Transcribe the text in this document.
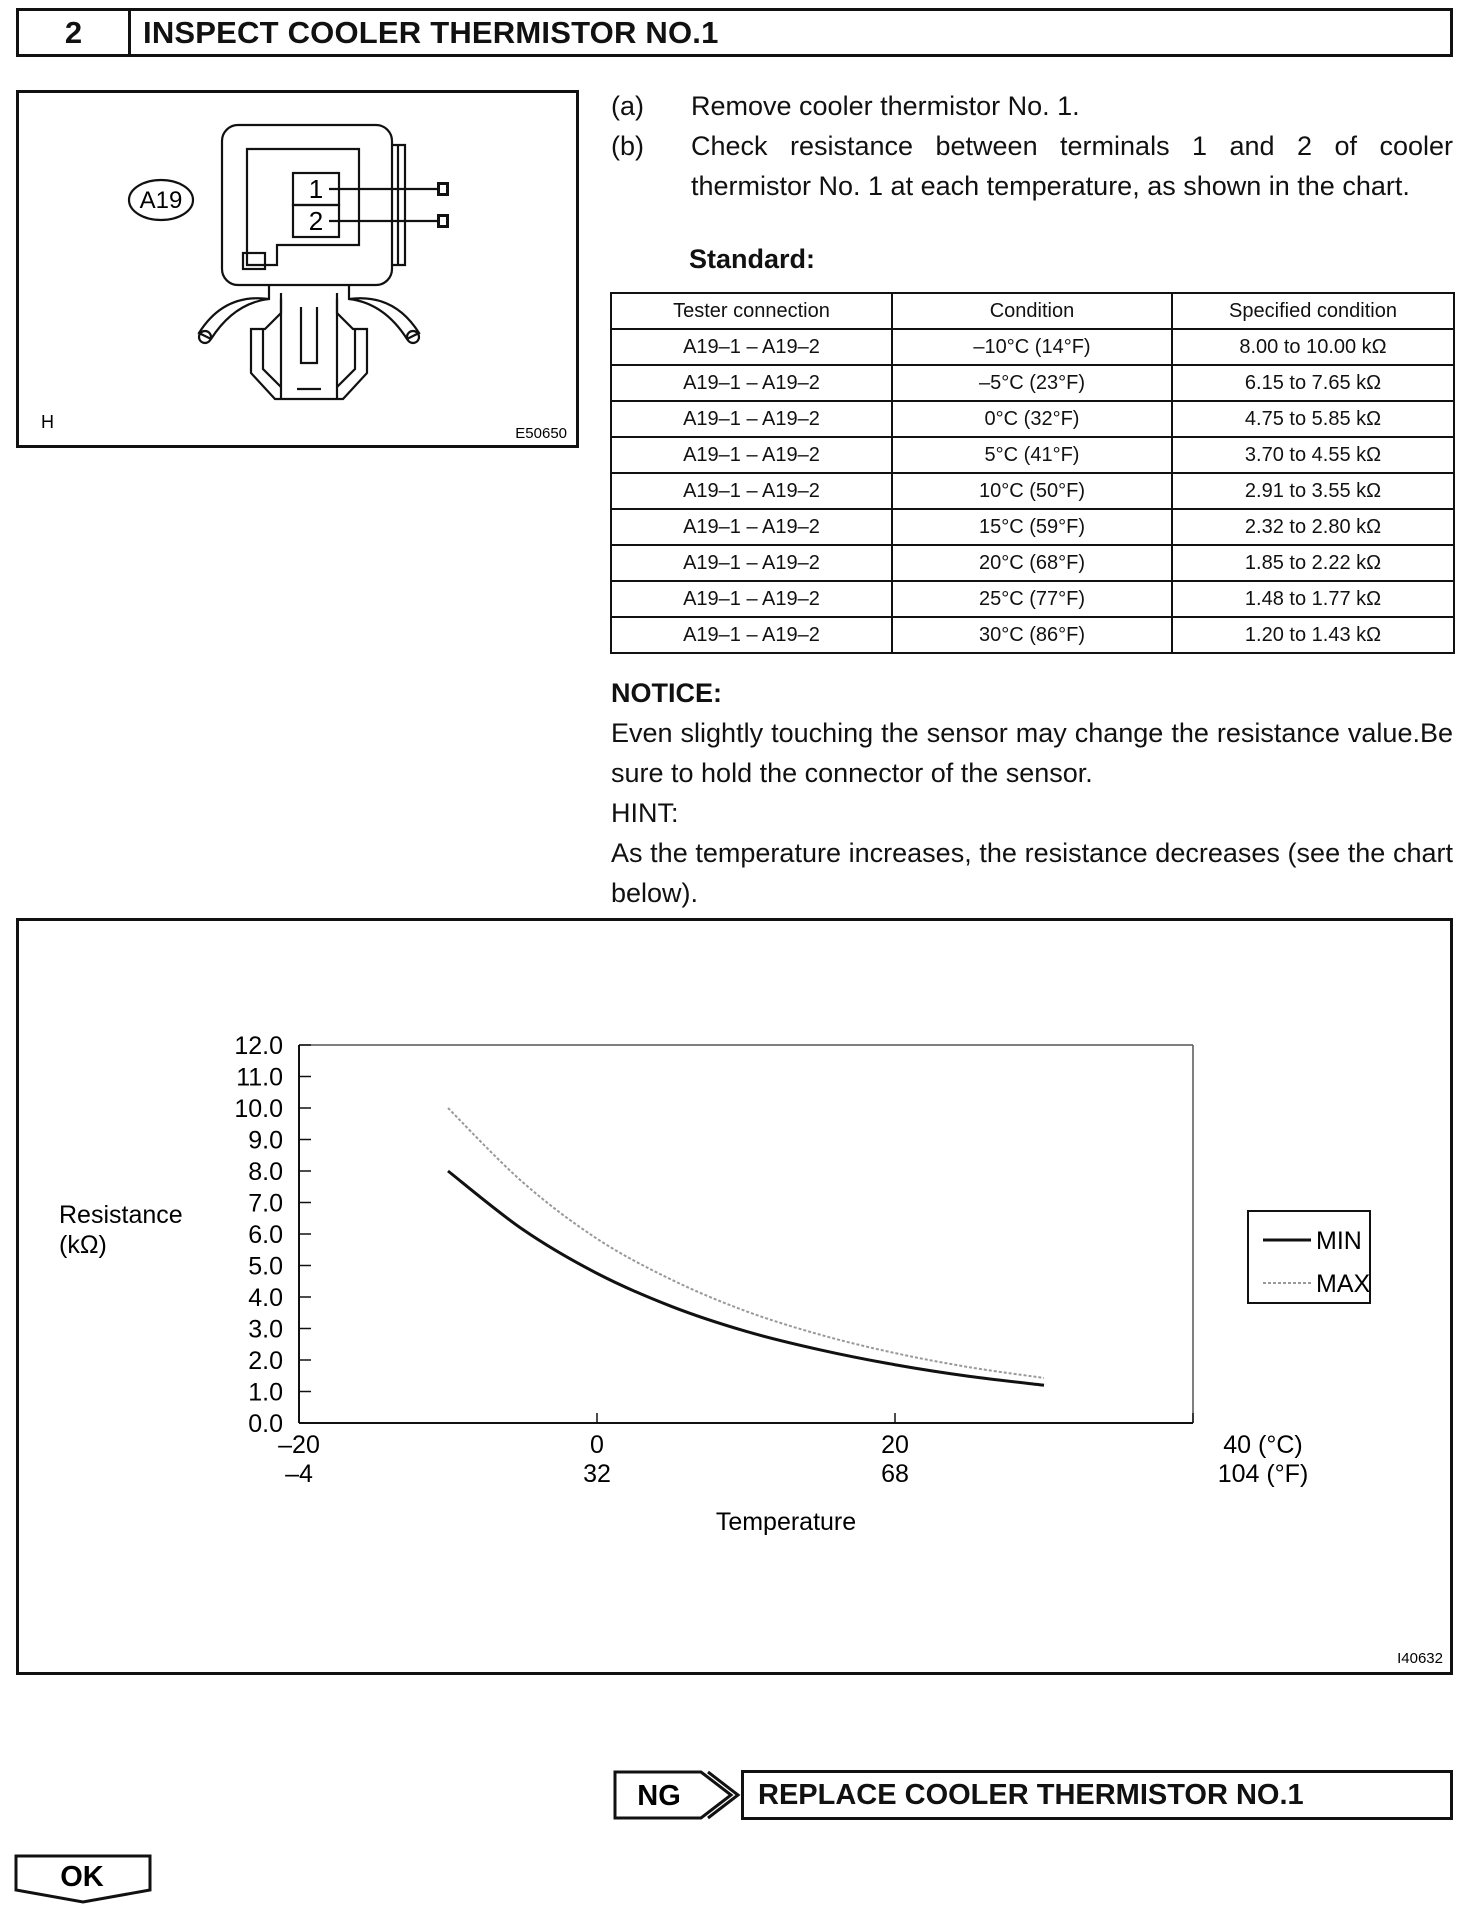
2	INSPECT COOLER THERMISTOR NO.1
A19	1
2
H
E50650
(a) Remove cooler thermistor No. 1.
(b) Check resistance between terminals 1 and 2 of cooler thermistor No. 1 at each temperature, as shown in the chart.
Standard:
Tester connection	Condition	Specified condition
A19–1 – A19–2	–10°C (14°F)	8.00 to 10.00 kΩ
A19–1 – A19–2	–5°C (23°F)	6.15 to 7.65 kΩ
A19–1 – A19–2	0°C (32°F)	4.75 to 5.85 kΩ
A19–1 – A19–2	5°C (41°F)	3.70 to 4.55 kΩ
A19–1 – A19–2	10°C (50°F)	2.91 to 3.55 kΩ
A19–1 – A19–2	15°C (59°F)	2.32 to 2.80 kΩ
A19–1 – A19–2	20°C (68°F)	1.85 to 2.22 kΩ
A19–1 – A19–2	25°C (77°F)	1.48 to 1.77 kΩ
A19–1 – A19–2	30°C (86°F)	1.20 to 1.43 kΩ
NOTICE:
Even slightly touching the sensor may change the resistance value.Be sure to hold the connector of the sensor.
HINT:
As the temperature increases, the resistance decreases (see the chart below).
0.0
1.0
2.0
3.0
4.0
5.0
6.0
7.0
8.0
9.0
10.0
11.0
12.0
–20
–4
0
32
20
68
40 (°C)
104 (°F)
Resistance (kΩ)
Temperature
MIN
MAX
I40632
NG	REPLACE COOLER THERMISTOR NO.1
OK
